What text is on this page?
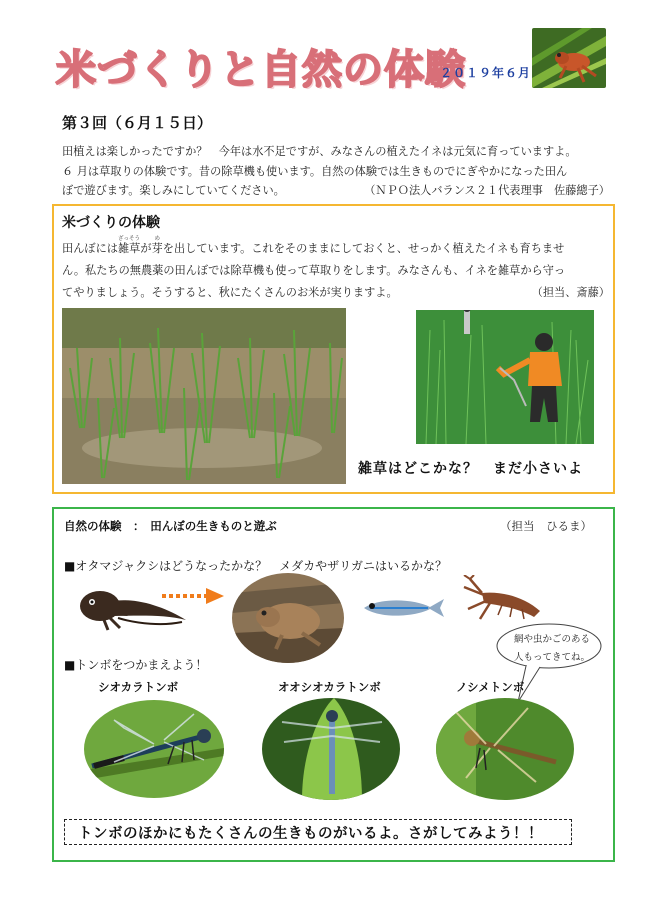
米づくりと自然の体験
２０１９年６月
第３回（６月１５日）

田植えは楽しかったですか？　今年は水不足ですが、みなさんの植えたイネは元気に育っていますよ。

６ 月は草取りの体験です。昔の除草機も使います。自然の体験では生きものでにぎやかになった田ん

ぼで遊びます。楽しみにしていてください。	（ＮＰＯ法人バランス２１代表理事　佐藤總子）

米づくりの体験

田んぼには
ざっそう
雑草が
め
芽を出しています。これをそのままにしておくと、せっかく植えたイネも育ちませ

ん。私たちの無農薬の田んぼでは除草機も使って草取りをします。みなさんも、イネを雑草から守っ

てやりましょう。そうすると、秋にたくさんのお米が実りますよ。	（担当、斎藤）

雑草はどこかな？　まだ小さいよ
自然の体験　：　田んぼの生きものと遊ぶ	（担当　ひるま）
■オタマジャクシはどうなったかな？　メダカやザリガニはいるかな？
網や虫かごのある
人もってきてね。
■トンボをつかまえよう！
シオカラトンボ	オオシオカラトンボ	ノシメトンボ
トンボのほかにもたくさんの生きものがいるよ。さがしてみよう！！
